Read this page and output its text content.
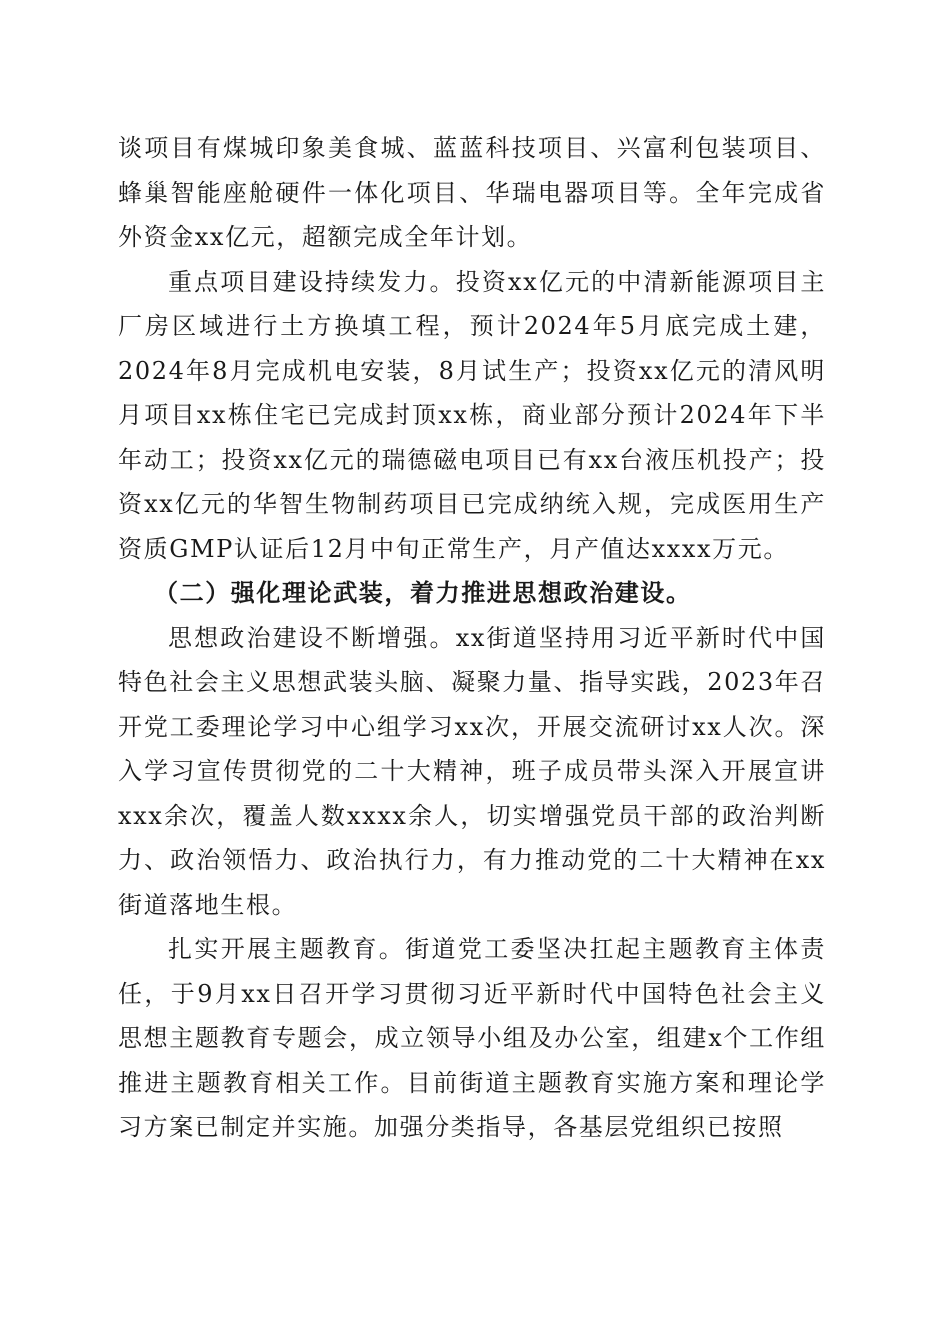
谈项目有煤城印象美食城、蓝蓝科技项目、兴富利包装项目、蜂巢智能座舱硬件一体化项目、华瑞电器项目等。全年完成省外资金xx亿元，超额完成全年计划。

重点项目建设持续发力。投资xx亿元的中清新能源项目主厂房区域进行土方换填工程，预计2024年5月底完成土建，2024年8月完成机电安装，8月试生产；投资xx亿元的清风明月项目xx栋住宅已完成封顶xx栋，商业部分预计2024年下半年动工；投资xx亿元的瑞德磁电项目已有xx台液压机投产；投资xx亿元的华智生物制药项目已完成纳统入规，完成医用生产资质GMP认证后12月中旬正常生产，月产值达xxxx万元。

（二）强化理论武装，着力推进思想政治建设。

思想政治建设不断增强。xx街道坚持用习近平新时代中国特色社会主义思想武装头脑、凝聚力量、指导实践，2023年召开党工委理论学习中心组学习xx次，开展交流研讨xx人次。深入学习宣传贯彻党的二十大精神，班子成员带头深入开展宣讲xxx余次，覆盖人数xxxx余人，切实增强党员干部的政治判断力、政治领悟力、政治执行力，有力推动党的二十大精神在xx街道落地生根。

扎实开展主题教育。街道党工委坚决扛起主题教育主体责任，于9月xx日召开学习贯彻习近平新时代中国特色社会主义思想主题教育专题会，成立领导小组及办公室，组建x个工作组推进主题教育相关工作。目前街道主题教育实施方案和理论学习方案已制定并实施。加强分类指导，各基层党组织已按照
